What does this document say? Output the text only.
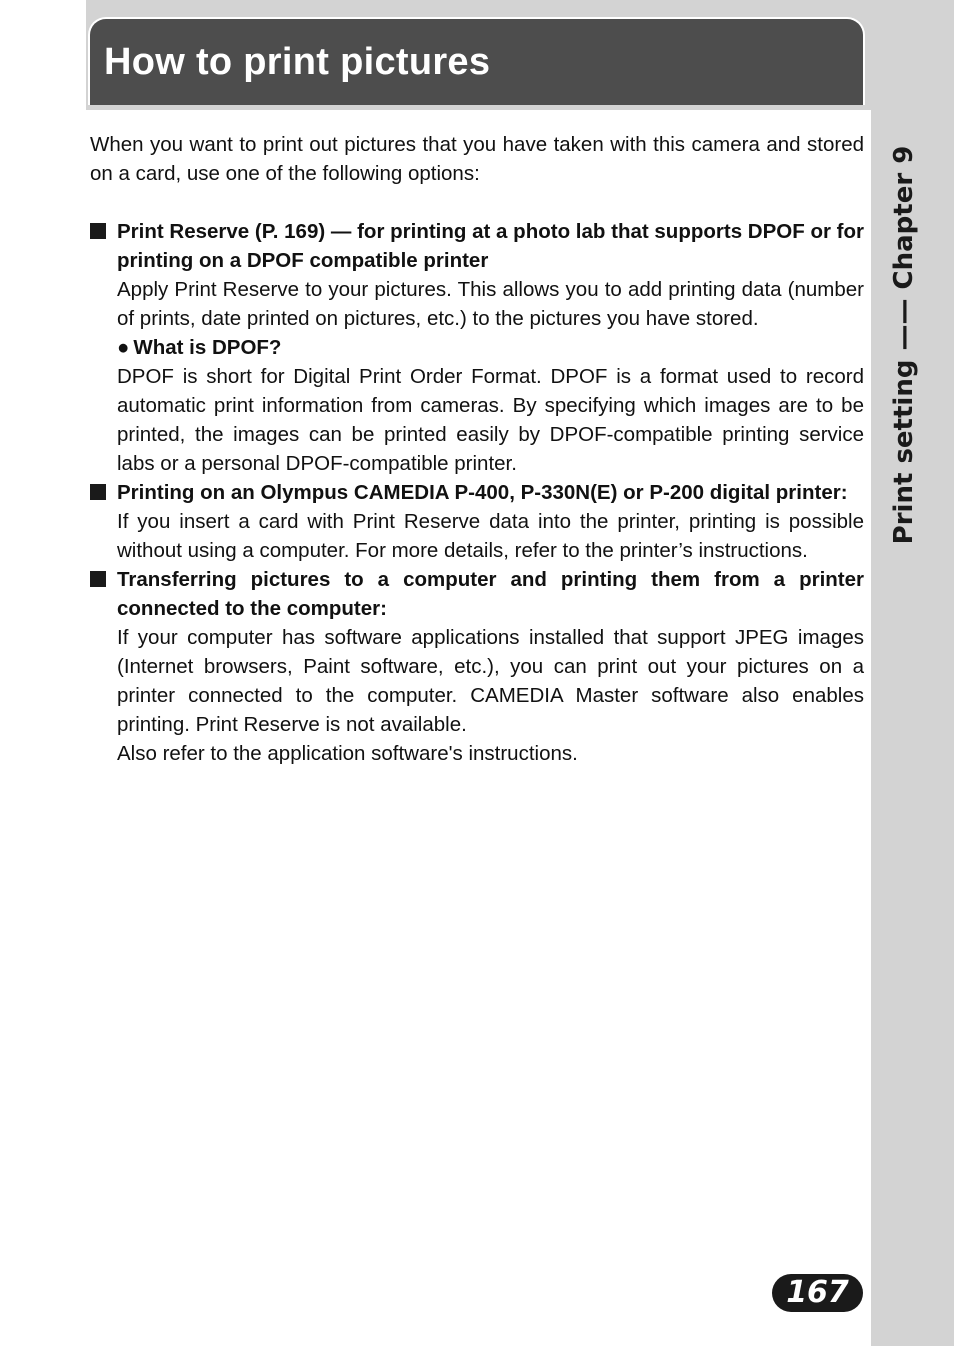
How to print pictures
Print setting —— Chapter 9

When you want to print out pictures that you have taken with this camera and stored on a card, use one of the following options:

Print Reserve (P. 169) — for printing at a photo lab that supports DPOF or for printing on a DPOF compatible printer

Apply Print Reserve to your pictures. This allows you to add printing data (number of prints, date printed on pictures, etc.) to the pictures you have stored.

● What is DPOF?

DPOF is short for Digital Print Order Format. DPOF is a format used to record automatic print information from cameras. By specifying which images are to be printed, the images can be printed easily by DPOF-compatible printing service labs or a personal DPOF-compatible printer.

Printing on an Olympus CAMEDIA P-400, P-330N(E) or P-200 digital printer:

If you insert a card with Print Reserve data into the printer, printing is possible without using a computer. For more details, refer to the printer’s instructions.

Transferring pictures to a computer and printing them from a printer connected to the computer:

If your computer has software applications installed that support JPEG images (Internet browsers, Paint software, etc.), you can print out your pictures on a printer connected to the computer. CAMEDIA Master software also enables printing. Print Reserve is not available.

Also refer to the application software's instructions.

167
